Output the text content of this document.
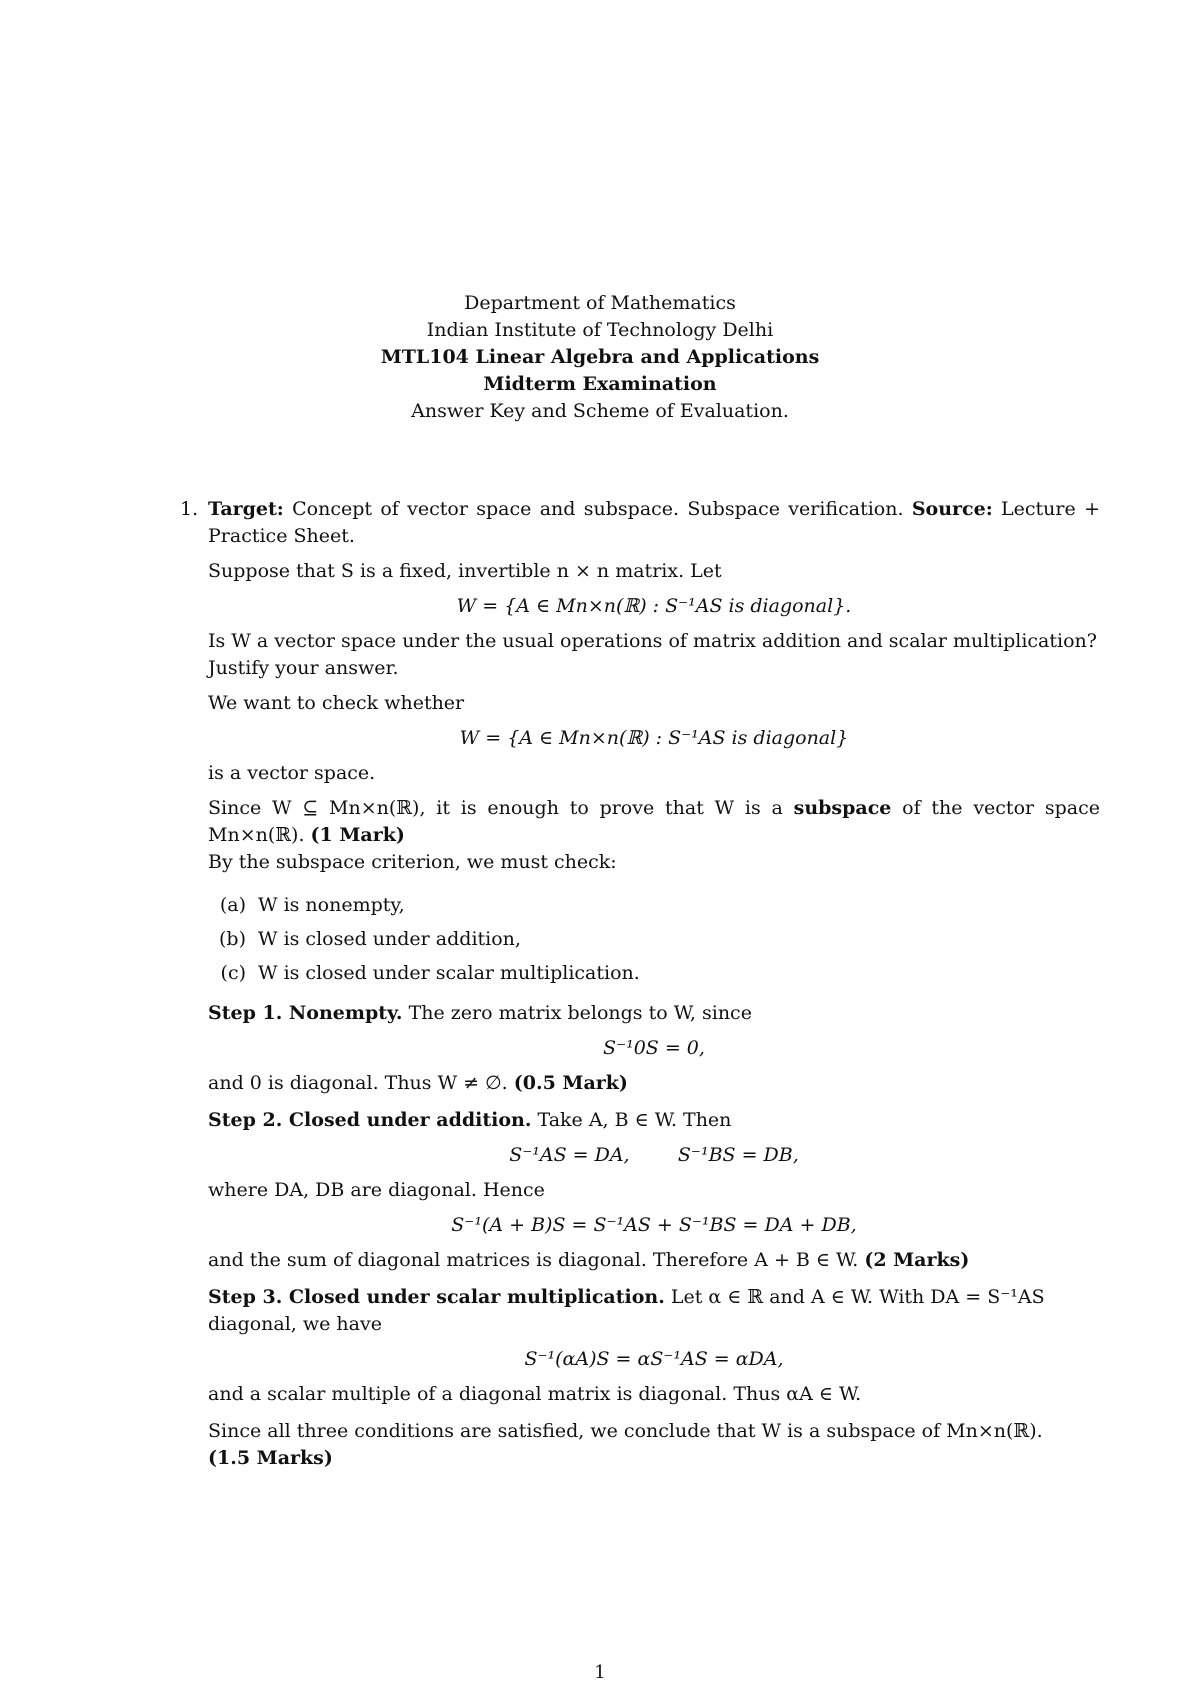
Department of Mathematics
Indian Institute of Technology Delhi
MTL104 Linear Algebra and Applications
Midterm Examination
Answer Key and Scheme of Evaluation.
1. Target: Concept of vector space and subspace. Subspace verification. Source: Lecture + Practice Sheet.

Suppose that S is a fixed, invertible n × n matrix. Let

W = {A ∈ Mn×n(ℝ) : S⁻¹AS is diagonal}.

Is W a vector space under the usual operations of matrix addition and scalar multiplication? Justify your answer.

We want to check whether

W = {A ∈ Mn×n(ℝ) : S⁻¹AS is diagonal}

is a vector space.

Since W ⊆ Mn×n(ℝ), it is enough to prove that W is a subspace of the vector space Mn×n(ℝ). (1 Mark)

By the subspace criterion, we must check:

(a) W is nonempty,
(b) W is closed under addition,
(c) W is closed under scalar multiplication.

Step 1. Nonempty. The zero matrix belongs to W, since

S⁻¹0S = 0,

and 0 is diagonal. Thus W ≠ ∅. (0.5 Mark)

Step 2. Closed under addition. Take A, B ∈ W. Then

S⁻¹AS = DA,        S⁻¹BS = DB,

where DA, DB are diagonal. Hence

S⁻¹(A + B)S = S⁻¹AS + S⁻¹BS = DA + DB,

and the sum of diagonal matrices is diagonal. Therefore A + B ∈ W. (2 Marks)

Step 3. Closed under scalar multiplication. Let α ∈ ℝ and A ∈ W. With DA = S⁻¹AS diagonal, we have

S⁻¹(αA)S = αS⁻¹AS = αDA,

and a scalar multiple of a diagonal matrix is diagonal. Thus αA ∈ W.

Since all three conditions are satisfied, we conclude that W is a subspace of Mn×n(ℝ).

(1.5 Marks)

1
